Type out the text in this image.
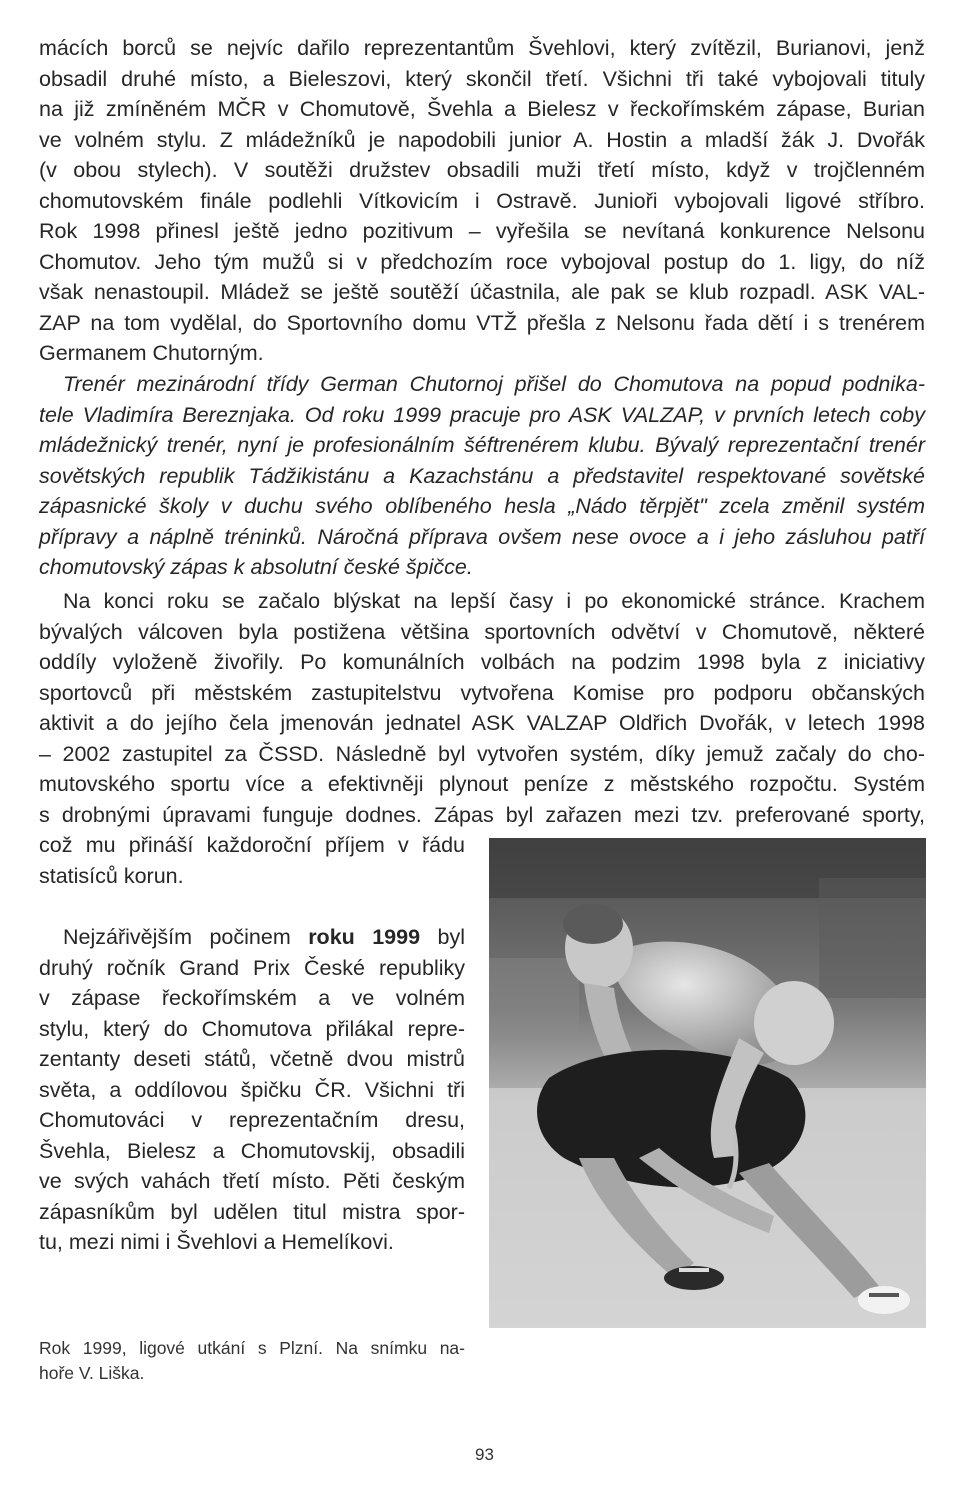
mácích borců se nejvíc dařilo reprezentantům Švehlovi, který zvítězil, Burianovi, jenž
obsadil druhé místo, a Bieleszovi, který skončil třetí. Všichni tři také vybojovali tituly
na již zmíněném MČR v Chomutově, Švehla a Bielesz v řeckořímském zápase, Burian
ve volném stylu. Z mládežníků je napodobili junior A. Hostin a mladší žák J. Dvořák
(v obou stylech). V soutěži družstev obsadili muži třetí místo, když v trojčlenném
chomutovském finále podlehli Vítkovicím i Ostravě. Junioři vybojovali ligové stříbro.
Rok 1998 přinesl ještě jedno pozitivum – vyřešila se nevítaná konkurence Nelsonu
Chomutov. Jeho tým mužů si v předchozím roce vybojoval postup do 1. ligy, do níž
však nenastoupil. Mládež se ještě soutěží účastnila, ale pak se klub rozpadl. ASK VAL-
ZAP na tom vydělal, do Sportovního domu VTŽ přešla z Nelsonu řada dětí i s trenérem
Germanem Chutorným.
Trenér mezinárodní třídy German Chutornoj přišel do Chomutova na popud podnika-
tele Vladimíra Bereznjaka. Od roku 1999 pracuje pro ASK VALZAP, v prvních letech coby
mládežnický trenér, nyní je profesionálním šéftrenérem klubu. Bývalý reprezentační trenér
sovětských republik Tádžikistánu a Kazachstánu a představitel respektované sovětské
zápasnické školy v duchu svého oblíbeného hesla „Nádo těrpjět" zcela změnil systém
přípravy a náplně tréninků. Náročná příprava ovšem nese ovoce a i jeho zásluhou patří
chomutovský zápas k absolutní české špičce.
Na konci roku se začalo blýskat na lepší časy i po ekonomické stránce. Krachem
bývalých válcoven byla postižena většina sportovních odvětví v Chomutově, některé
oddíly vyloženě živořily. Po komunálních volbách na podzim 1998 byla z iniciativy
sportovců při městském zastupitelstvu vytvořena Komise pro podporu občanských
aktivit a do jejího čela jmenován jednatel ASK VALZAP Oldřich Dvořák, v letech 1998
– 2002 zastupitel za ČSSD. Následně byl vytvořen systém, díky jemuž začaly do cho-
mutovského sportu více a efektivněji plynout peníze z městského rozpočtu. Systém
s drobnými úpravami funguje dodnes. Zápas byl zařazen mezi tzv. preferované sporty,
což mu přináší každoroční příjem v řádu
statisíců korun.
Nejzářivějším počinem roku 1999 byl
druhý ročník Grand Prix České republiky
v zápase řeckořímském a ve volném
stylu, který do Chomutova přilákal repre-
zentanty deseti států, včetně dvou mistrů
světa, a oddílovou špičku ČR. Všichni tři
Chomutováci v reprezentačním dresu,
Švehla, Bielesz a Chomutovskij, obsadili
ve svých vahách třetí místo. Pěti českým
zápasníkům byl udělen titul mistra spor-
tu, mezi nimi i Švehlovi a Hemelíkovi.
Rok 1999, ligové utkání s Plzní. Na snímku na-
hoře V. Liška.
93
